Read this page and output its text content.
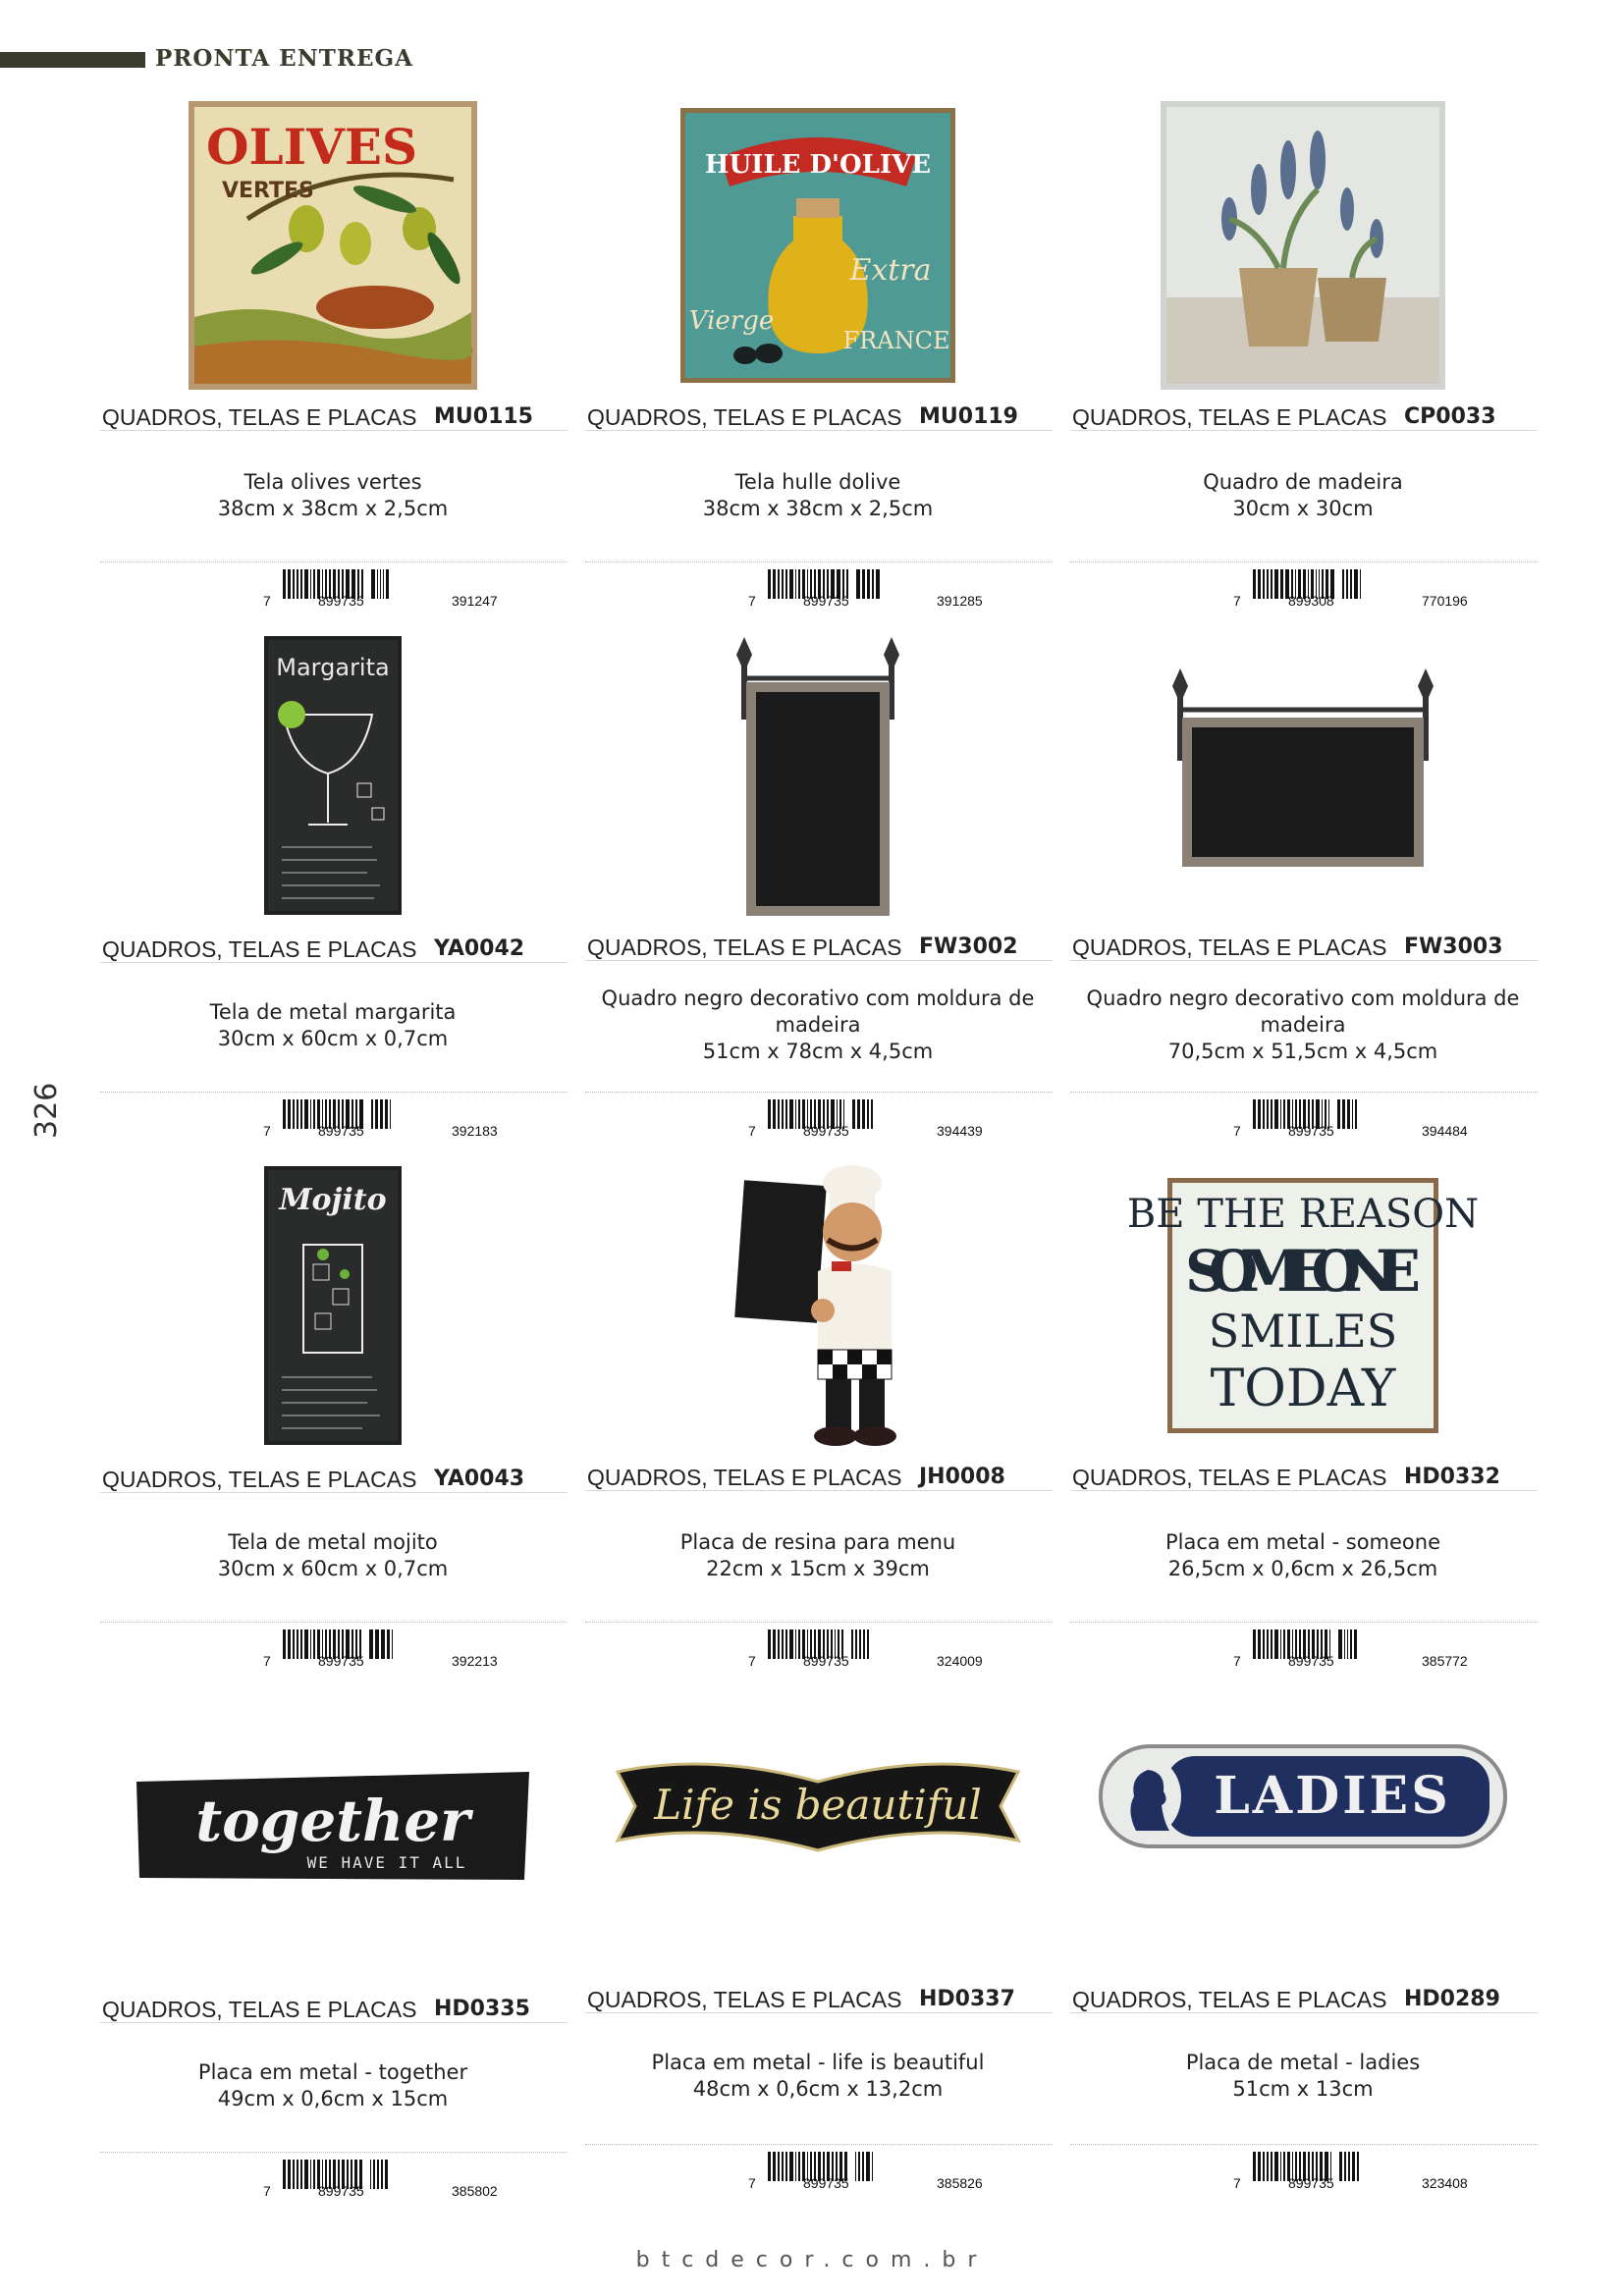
PRONTA ENTREGA
326
OLIVES
VERTES
QUADROS, TELAS E PLACAS MU0115
Tela olives vertes
38cm x 38cm x 2,5cm
7	899735	391247
HUILE D'OLIVE
Extra
Vierge
FRANCE
QUADROS, TELAS E PLACAS MU0119
Tela hulle dolive
38cm x 38cm x 2,5cm
7	899735	391285
QUADROS, TELAS E PLACAS CP0033
Quadro de madeira
30cm x 30cm
7	899308	770196
Margarita
QUADROS, TELAS E PLACAS YA0042
Tela de metal margarita
30cm x 60cm x 0,7cm
7	899735	392183
QUADROS, TELAS E PLACAS FW3002
Quadro negro decorativo com moldura de madeira
51cm x 78cm x 4,5cm
7	899735	394439
QUADROS, TELAS E PLACAS FW3003
Quadro negro decorativo com moldura de madeira
70,5cm x 51,5cm x 4,5cm
7	899735	394484
Mojito
QUADROS, TELAS E PLACAS YA0043
Tela de metal mojito
30cm x 60cm x 0,7cm
7	899735	392213
QUADROS, TELAS E PLACAS JH0008
Placa de resina para menu
22cm x 15cm x 39cm
7	899735	324009
BE THE REASON
SOMEONE
SMILES
TODAY
QUADROS, TELAS E PLACAS HD0332
Placa em metal - someone
26,5cm x 0,6cm x 26,5cm
7	899735	385772
together
WE HAVE IT ALL
QUADROS, TELAS E PLACAS HD0335
Placa em metal - together
49cm x 0,6cm x 15cm
7	899735	385802
Life is beautiful
QUADROS, TELAS E PLACAS HD0337
Placa em metal - life is beautiful
48cm x 0,6cm x 13,2cm
7	899735	385826
LADIES
QUADROS, TELAS E PLACAS HD0289
Placa de metal - ladies
51cm x 13cm
7	899735	323408
btcdecor.com.br
